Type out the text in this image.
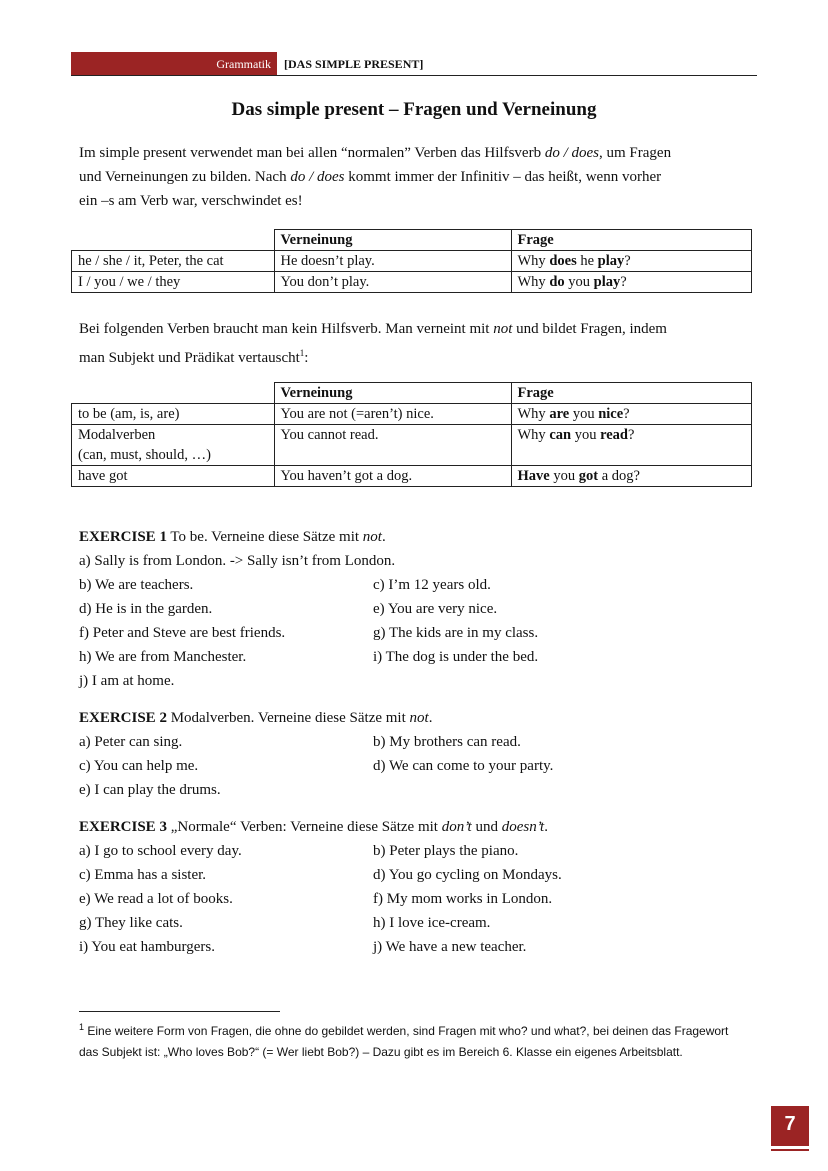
Grammatik	[DAS SIMPLE PRESENT]
Das simple present – Fragen und Verneinung
Im simple present verwendet man bei allen “normalen” Verben das Hilfsverb do / does, um Fragen
und Verneinungen zu bilden. Nach do / does kommt immer der Infinitiv – das heißt, wenn vorher
ein –s am Verb war, verschwindet es!
	Verneinung	Frage
he / she / it, Peter, the cat	He doesn’t play.	Why does he play?
I / you / we / they	You don’t play.	Why do you play?
Bei folgenden Verben braucht man kein Hilfsverb. Man verneint mit not und bildet Fragen, indem
man Subjekt und Prädikat vertauscht$^1$:
	Verneinung	Frage
to be (am, is, are)	You are not (=aren’t) nice.	Why are you nice?

Modalverben
(can, must, should, …)	You cannot read.	Why can you read?
have got	You haven’t got a dog.	Have you got a dog?
EXERCISE 1 To be. Verneine diese Sätze mit not.
a) Sally is from London. -> Sally isn’t from London.
b) We are teachers.	c) I’m 12 years old.
d) He is in the garden.	e) You are very nice.
f) Peter and Steve are best friends.	g) The kids are in my class.
h) We are from Manchester.	i) The dog is under the bed.
j) I am at home.
EXERCISE 2 Modalverben. Verneine diese Sätze mit not.
a) Peter can sing.	b) My brothers can read.
c) You can help me.	d) We can come to your party.
e) I can play the drums.
EXERCISE 3 „Normale“ Verben: Verneine diese Sätze mit don’t und doesn’t.
a) I go to school every day.	b) Peter plays the piano.
c) Emma has a sister.	d) You go cycling on Mondays.
e) We read a lot of books.	f) My mom works in London.
g) They like cats.	h) I love ice-cream.
i) You eat hamburgers.	j) We have a new teacher.
$^1$ Eine weitere Form von Fragen, die ohne do gebildet werden, sind Fragen mit who? und what?, bei deinen das Fragewort das Subjekt ist: „Who loves Bob?“ (= Wer liebt Bob?) – Dazu gibt es im Bereich 6. Klasse ein eigenes Arbeitsblatt.
7
